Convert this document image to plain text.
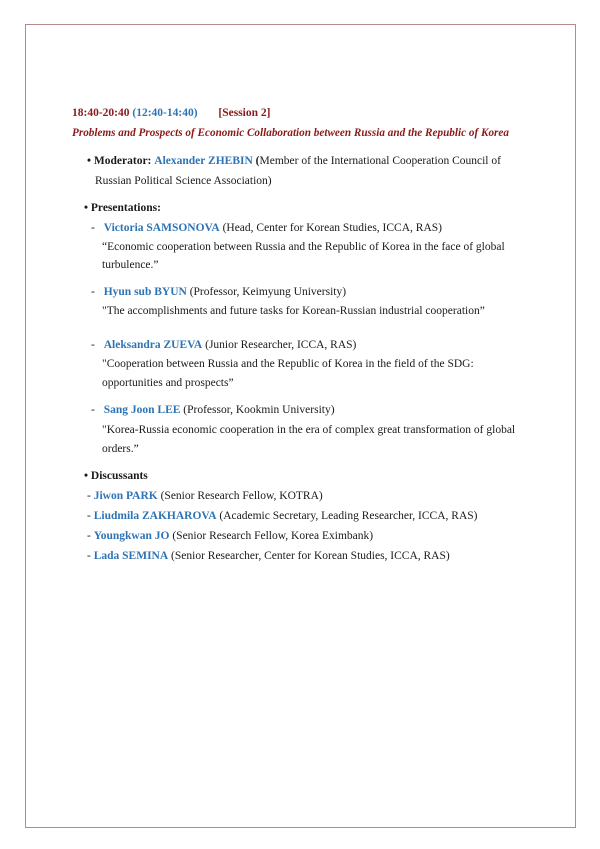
18:40-20:40 (12:40-14:40) [Session 2]
Problems and Prospects of Economic Collaboration between Russia and the Republic of Korea
• Moderator: Alexander ZHEBIN (Member of the International Cooperation Council of
Russian Political Science Association)
• Presentations:
- Victoria SAMSONOVA (Head, Center for Korean Studies, ICCA, RAS)
“Economic cooperation between Russia and the Republic of Korea in the face of global
turbulence.”
- Hyun sub BYUN (Professor, Keimyung University)
"The accomplishments and future tasks for Korean-Russian industrial cooperation”
- Aleksandra ZUEVA (Junior Researcher, ICCA, RAS)
"Cooperation between Russia and the Republic of Korea in the field of the SDG:
opportunities and prospects”
- Sang Joon LEE (Professor, Kookmin University)
"Korea-Russia economic cooperation in the era of complex great transformation of global
orders.”
• Discussants
- Jiwon PARK (Senior Research Fellow, KOTRA)
- Liudmila ZAKHAROVA (Academic Secretary, Leading Researcher, ICCA, RAS)
- Youngkwan JO (Senior Research Fellow, Korea Eximbank)
- Lada SEMINA (Senior Researcher, Center for Korean Studies, ICCA, RAS)
